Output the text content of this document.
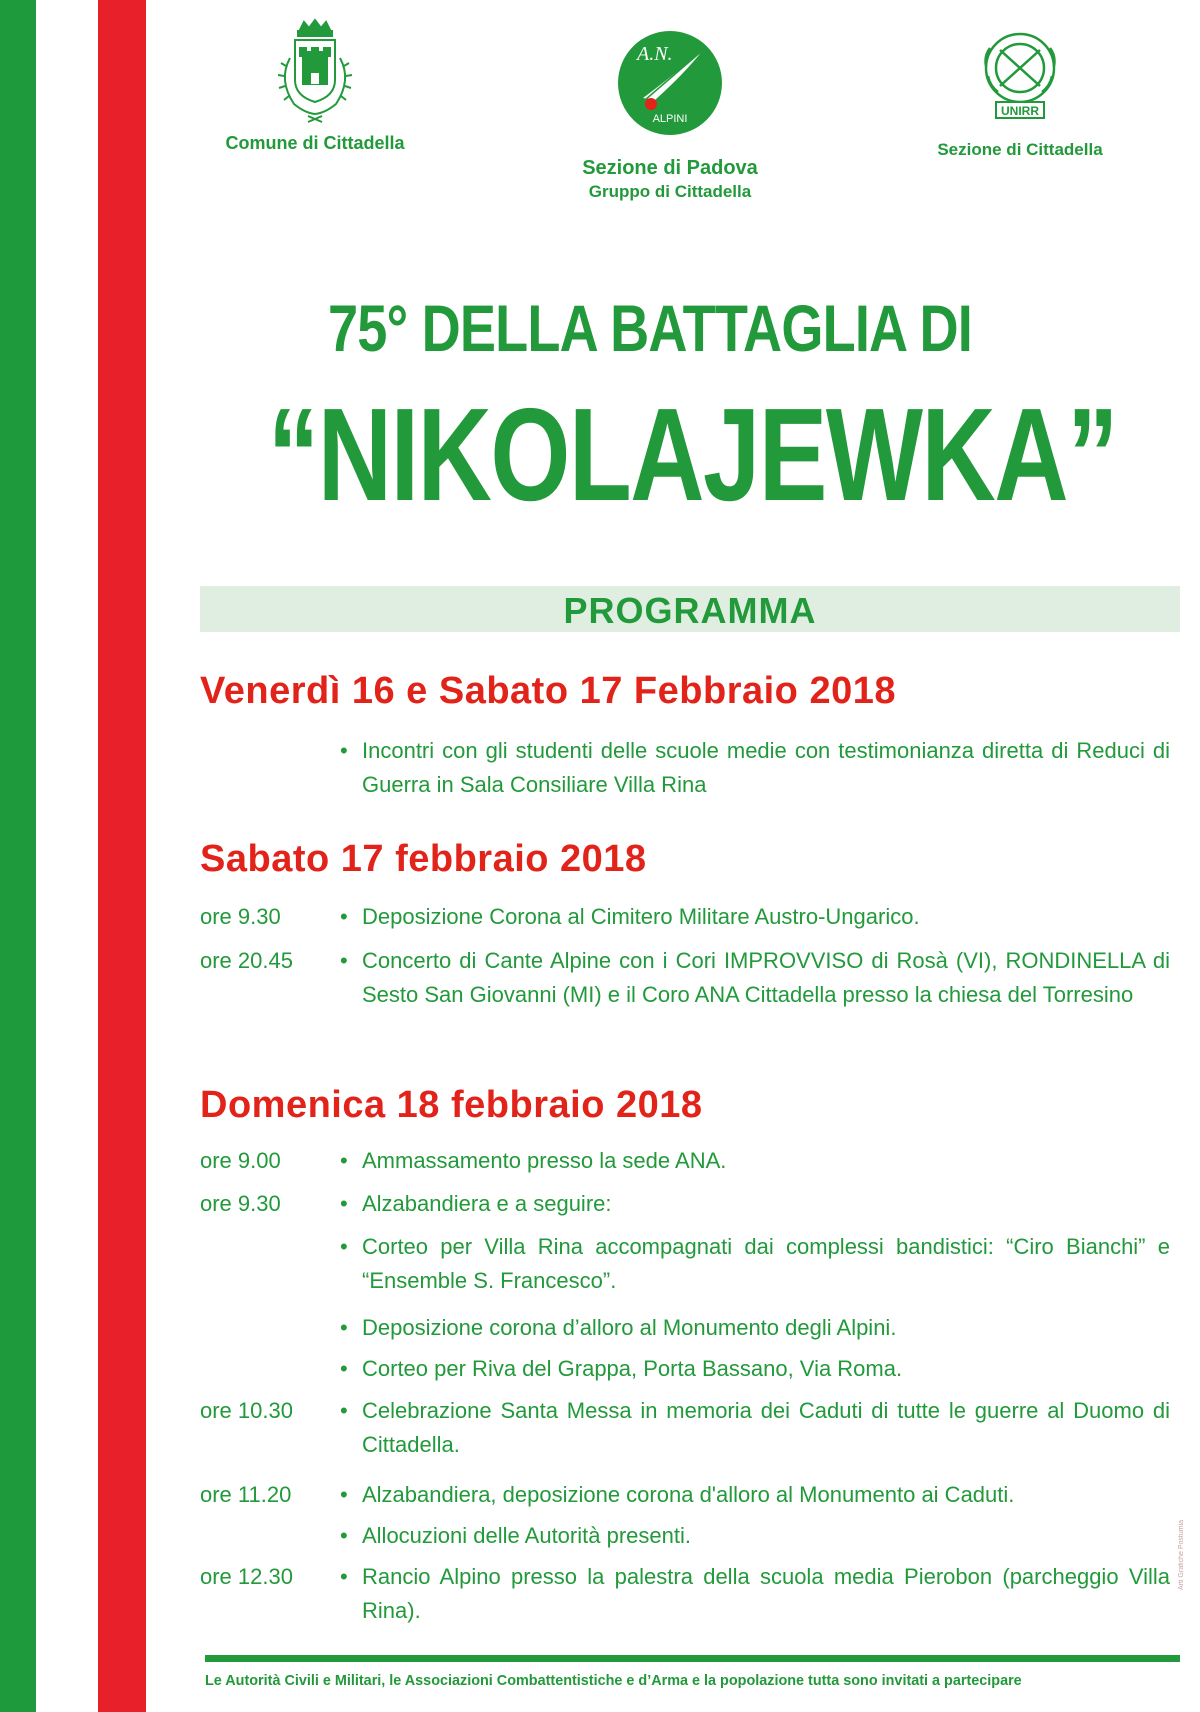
Comune di Cittadella
A.N.
ALPINI
Sezione di Padova
Gruppo di Cittadella
UNIRR
Sezione di Cittadella
75° DELLA BATTAGLIA DI
“NIKOLAJEWKA”
PROGRAMMA
Venerdì 16 e Sabato 17 Febbraio 2018
• Incontri con gli studenti delle scuole medie con testimonianza diretta di Reduci di Guerra in Sala Consiliare Villa Rina
Sabato 17 febbraio 2018
ore 9.30	• Deposizione Corona al Cimitero Militare Austro-Ungarico.
ore 20.45	• Concerto di Cante Alpine con i Cori IMPROVVISO di Rosà (VI), RONDINELLA di Sesto San Giovanni (MI) e il Coro ANA Cittadella presso la chiesa del Torresino
Domenica 18 febbraio 2018
ore 9.00	• Ammassamento presso la sede ANA.
ore 9.30	• Alzabandiera e a seguire:
• Corteo per Villa Rina accompagnati dai complessi bandistici: “Ciro Bianchi” e “Ensemble S. Francesco”.
• Deposizione corona d’alloro al Monumento degli Alpini.
• Corteo per Riva del Grappa, Porta Bassano, Via Roma.
ore 10.30	• Celebrazione Santa Messa in memoria dei Caduti di tutte le guerre al Duomo di Cittadella.
ore 11.20	• Alzabandiera, deposizione corona d'alloro al Monumento ai Caduti.
• Allocuzioni delle Autorità presenti.
ore 12.30	• Rancio Alpino presso la palestra della scuola media Pierobon (parcheggio Villa Rina).
Le Autorità Civili e Militari, le Associazioni Combattentistiche e d’Arma e la popolazione tutta sono invitati a partecipare
Arti Grafiche Postumia
